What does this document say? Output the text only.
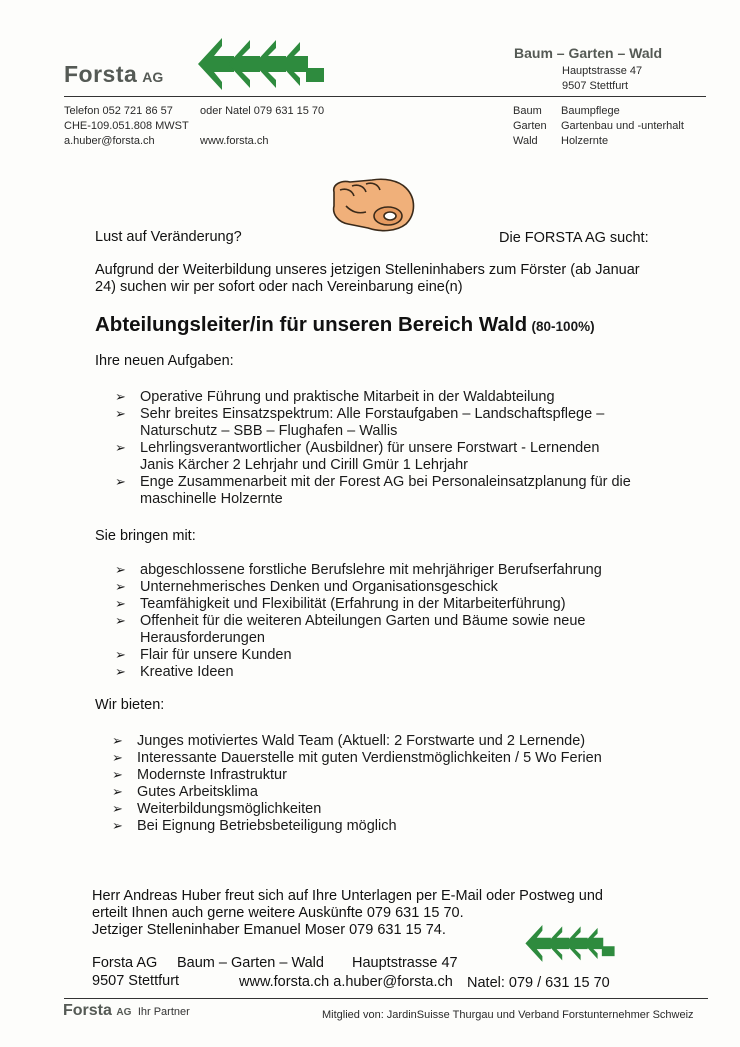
Forsta AG
Baum – Garten – Wald
Hauptstrasse 47
9507 Stettfurt
Telefon 052 721 86 57 oder Natel 079 631 15 70
CHE-109.051.808 MWST
a.huber@forsta.ch	www.forsta.ch
Baum Baumpflege
Garten Gartenbau und -unterhalt
Wald Holzernte
Lust auf Veränderung?	Die FORSTA AG sucht:
Aufgrund der Weiterbildung unseres jetzigen Stelleninhabers zum Förster (ab Januar
24) suchen wir per sofort oder nach Vereinbarung eine(n)
Abteilungsleiter/in für unseren Bereich Wald (80-100%)
Ihre neuen Aufgaben:
➢ Operative Führung und praktische Mitarbeit in der Waldabteilung
➢ Sehr breites Einsatzspektrum: Alle Forstaufgaben – Landschaftspflege –
Naturschutz – SBB – Flughafen – Wallis
➢ Lehrlingsverantwortlicher (Ausbildner) für unsere Forstwart - Lernenden
Janis Kärcher 2 Lehrjahr und Cirill Gmür 1 Lehrjahr
➢ Enge Zusammenarbeit mit der Forest AG bei Personaleinsatzplanung für die
maschinelle Holzernte
Sie bringen mit:
➢ abgeschlossene forstliche Berufslehre mit mehrjähriger Berufserfahrung
➢ Unternehmerisches Denken und Organisationsgeschick
➢ Teamfähigkeit und Flexibilität (Erfahrung in der Mitarbeiterführung)
➢ Offenheit für die weiteren Abteilungen Garten und Bäume sowie neue
Herausforderungen
➢ Flair für unsere Kunden
➢ Kreative Ideen
Wir bieten:
➢ Junges motiviertes Wald Team (Aktuell: 2 Forstwarte und 2 Lernende)
➢ Interessante Dauerstelle mit guten Verdienstmöglichkeiten / 5 Wo Ferien
➢ Modernste Infrastruktur
➢ Gutes Arbeitsklima
➢ Weiterbildungsmöglichkeiten
➢ Bei Eignung Betriebsbeteiligung möglich
Herr Andreas Huber freut sich auf Ihre Unterlagen per E-Mail oder Postweg und
erteilt Ihnen auch gerne weitere Auskünfte 079 631 15 70.
Jetziger Stelleninhaber Emanuel Moser 079 631 15 74.
Forsta AG Baum – Garten – Wald Hauptstrasse 47
9507 Stettfurt	www.forsta.ch a.huber@forsta.ch Natel: 079 / 631 15 70
Forsta AG Ihr Partner	Mitglied von: JardinSuisse Thurgau und Verband Forstunternehmer Schweiz
